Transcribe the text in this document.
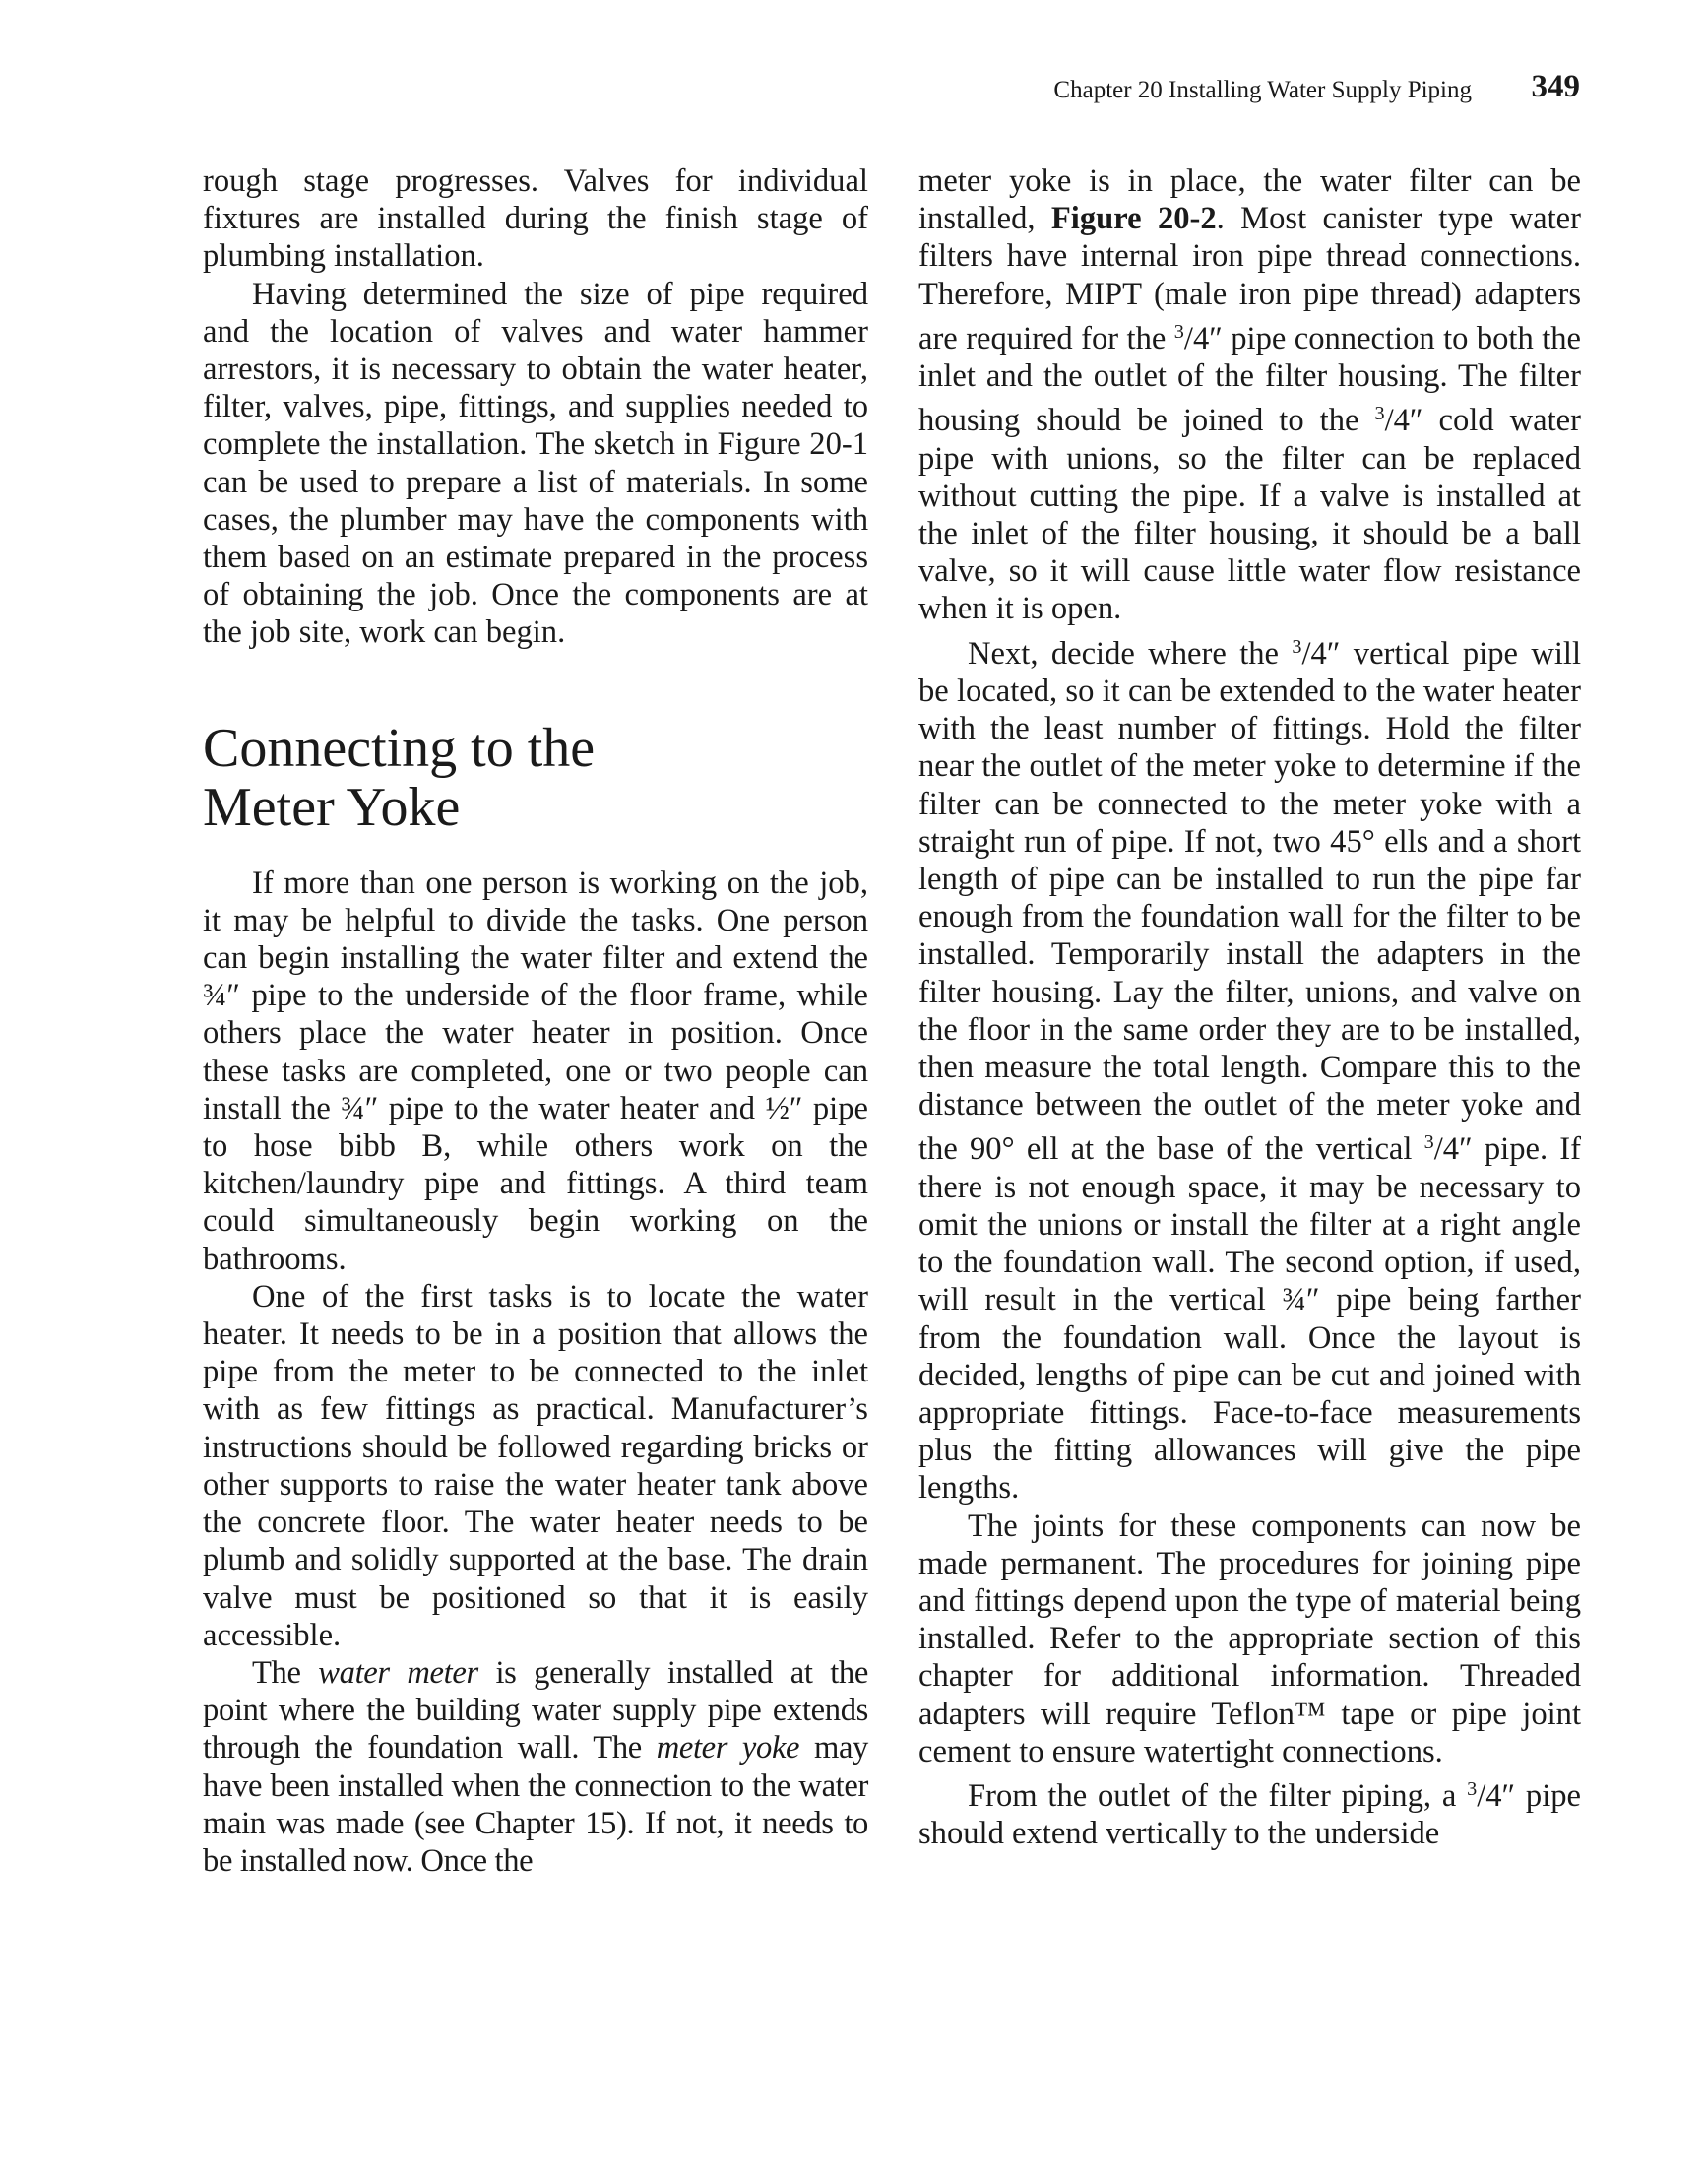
Chapter 20 Installing Water Supply Piping 349

rough stage progresses. Valves for individual fixtures are installed during the finish stage of plumbing installation.

Having determined the size of pipe required and the location of valves and water hammer arrestors, it is necessary to obtain the water heater, filter, valves, pipe, fittings, and supplies needed to complete the installation. The sketch in Figure 20-1 can be used to prepare a list of materials. In some cases, the plumber may have the components with them based on an estimate prepared in the process of obtaining the job. Once the components are at the job site, work can begin.

Connecting to the
Meter Yoke

If more than one person is working on the job, it may be helpful to divide the tasks. One person can begin installing the water filter and extend the ¾″ pipe to the underside of the floor frame, while others place the water heater in position. Once these tasks are completed, one or two people can install the ¾″ pipe to the water heater and ½″ pipe to hose bibb B, while others work on the kitchen/laundry pipe and fittings. A third team could simultaneously begin working on the bathrooms.

One of the first tasks is to locate the water heater. It needs to be in a position that allows the pipe from the meter to be connected to the inlet with as few fittings as practical. Manufacturer’s instructions should be followed regarding bricks or other supports to raise the water heater tank above the concrete floor. The water heater needs to be plumb and solidly supported at the base. The drain valve must be positioned so that it is easily accessible.

The water meter is generally installed at the point where the building water supply pipe extends through the foundation wall. The meter yoke may have been installed when the connection to the water main was made (see Chapter 15). If not, it needs to be installed now. Once the

meter yoke is in place, the water filter can be installed, Figure 20-2. Most canister type water filters have internal iron pipe thread connections. Therefore, MIPT (male iron pipe thread) adapters are required for the $^3$/4″ pipe connection to both the inlet and the outlet of the filter housing. The filter housing should be joined to the $^3$/4″ cold water pipe with unions, so the filter can be replaced without cutting the pipe. If a valve is installed at the inlet of the filter housing, it should be a ball valve, so it will cause little water flow resistance when it is open.

Next, decide where the $^3$/4″ vertical pipe will be located, so it can be extended to the water heater with the least number of fittings. Hold the filter near the outlet of the meter yoke to determine if the filter can be connected to the meter yoke with a straight run of pipe. If not, two 45° ells and a short length of pipe can be installed to run the pipe far enough from the foundation wall for the filter to be installed. Temporarily install the adapters in the filter housing. Lay the filter, unions, and valve on the floor in the same order they are to be installed, then measure the total length. Compare this to the distance between the outlet of the meter yoke and the 90° ell at the base of the vertical $^3$/4″ pipe. If there is not enough space, it may be necessary to omit the unions or install the filter at a right angle to the foundation wall. The second option, if used, will result in the vertical ¾″ pipe being farther from the foundation wall. Once the layout is decided, lengths of pipe can be cut and joined with appropriate fittings. Face-to-face measurements plus the fitting allowances will give the pipe lengths.

The joints for these components can now be made permanent. The procedures for joining pipe and fittings depend upon the type of material being installed. Refer to the appropriate section of this chapter for additional information. Threaded adapters will require Teflon™ tape or pipe joint cement to ensure watertight connections.

From the outlet of the filter piping, a $^3$/4″ pipe should extend vertically to the underside
